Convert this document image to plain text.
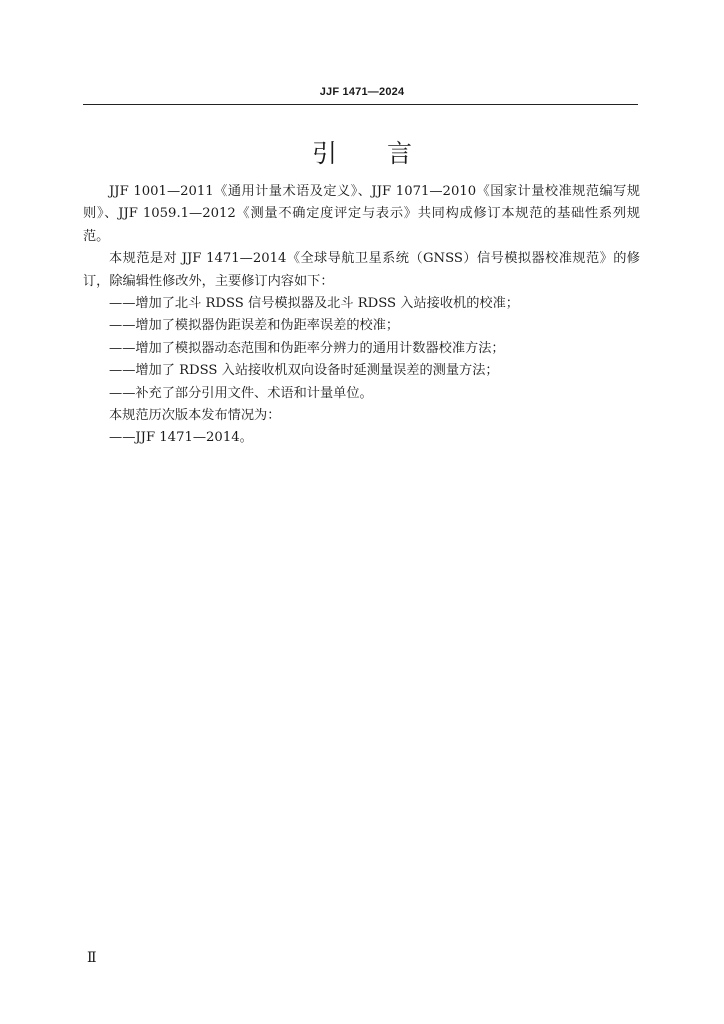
JJF 1471—2024
引言

JJF 1001—2011《通用计量术语及定义》、JJF 1071—2010《国家计量校准规范编写规则》、JJF 1059.1—2012《测量不确定度评定与表示》共同构成修订本规范的基础性系列规范。

本规范是对 JJF 1471—2014《全球导航卫星系统（GNSS）信号模拟器校准规范》的修订，除编辑性修改外，主要修订内容如下：

——增加了北斗 RDSS 信号模拟器及北斗 RDSS 入站接收机的校准；

——增加了模拟器伪距误差和伪距率误差的校准；

——增加了模拟器动态范围和伪距率分辨力的通用计数器校准方法；

——增加了 RDSS 入站接收机双向设备时延测量误差的测量方法；

——补充了部分引用文件、术语和计量单位。

本规范历次版本发布情况为：

——JJF 1471—2014。

Ⅱ
